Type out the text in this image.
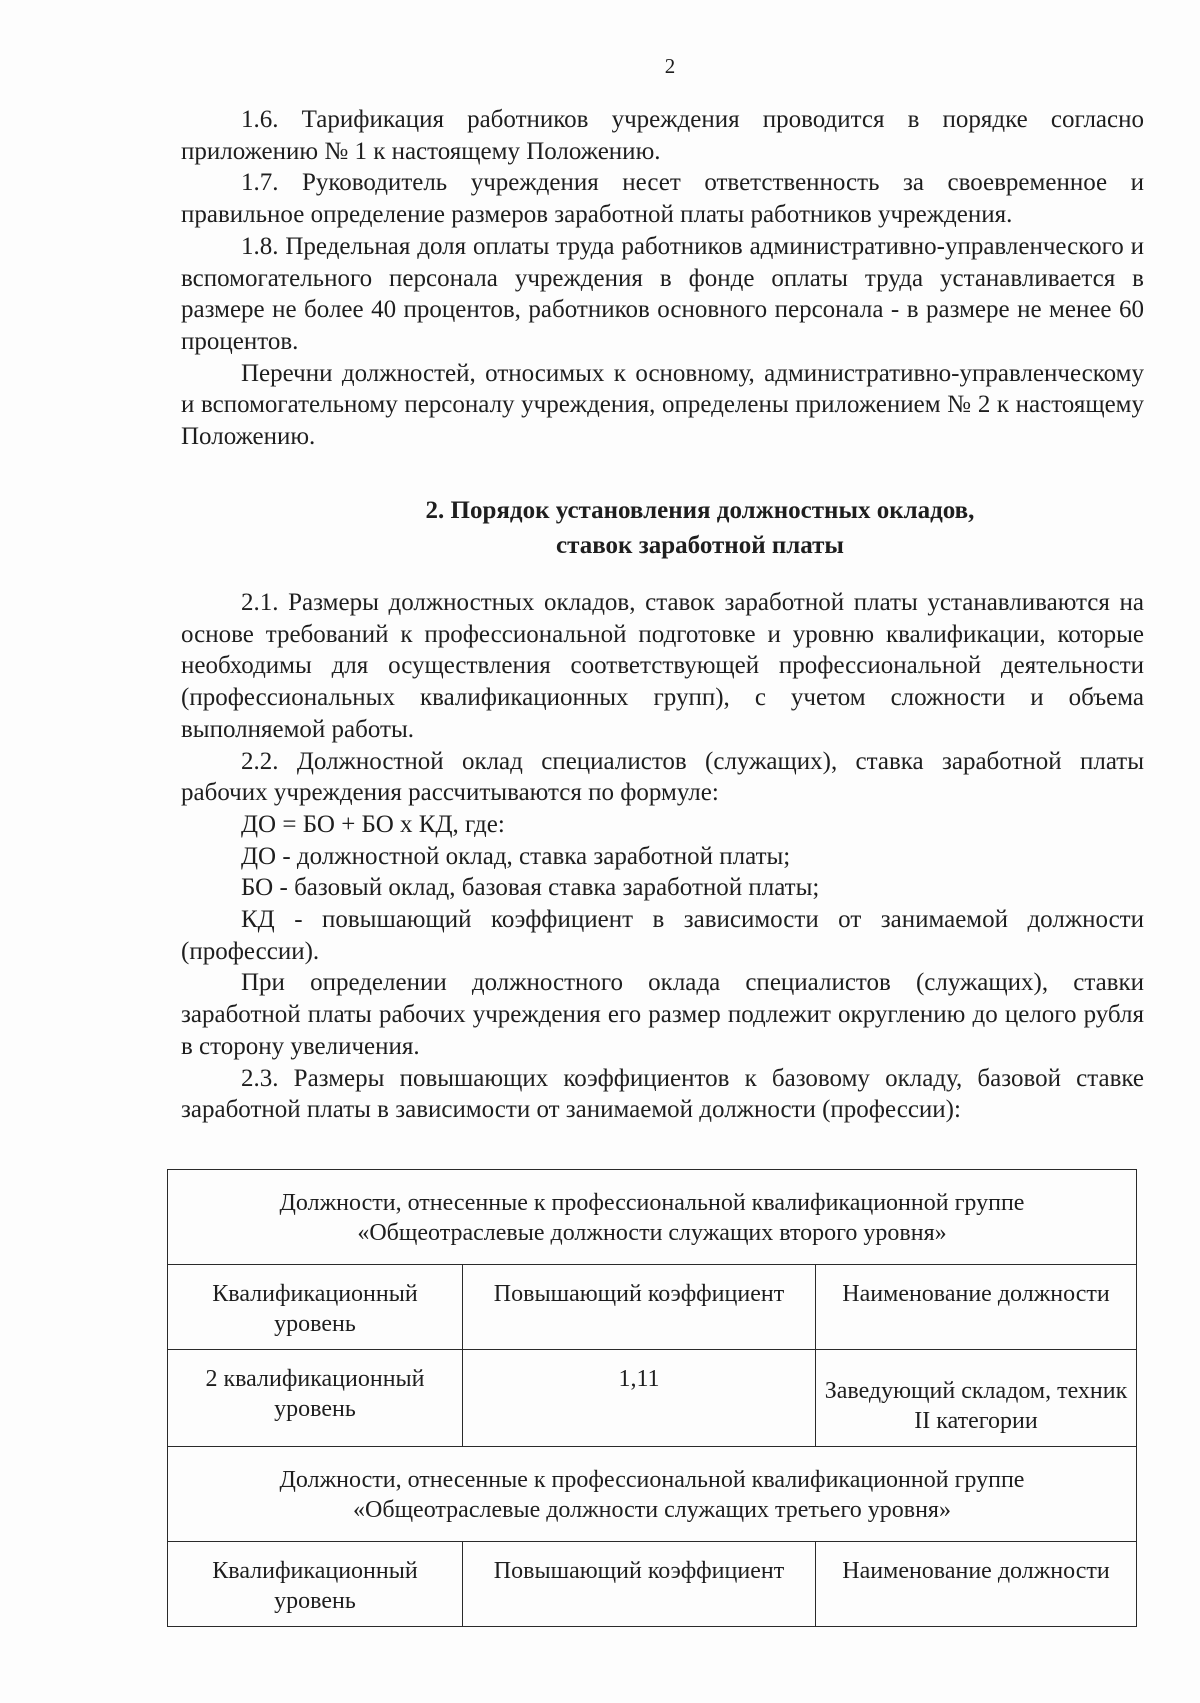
2

1.6. Тарификация работников учреждения проводится в порядке согласно приложению № 1 к настоящему Положению.

1.7. Руководитель учреждения несет ответственность за своевременное и правильное определение размеров заработной платы работников учреждения.

1.8. Предельная доля оплаты труда работников административно-управленческого и вспомогательного персонала учреждения в фонде оплаты труда устанавливается в размере не более 40 процентов, работников основного персонала - в размере не менее 60 процентов.

Перечни должностей, относимых к основному, административно-управленческому и вспомогательному персоналу учреждения, определены приложением № 2 к настоящему Положению.

2. Порядок установления должностных окладов,
ставок заработной платы

2.1. Размеры должностных окладов, ставок заработной платы устанавливаются на основе требований к профессиональной подготовке и уровню квалификации, которые необходимы для осуществления соответствующей профессиональной деятельности (профессиональных квалификационных групп), с учетом сложности и объема выполняемой работы.

2.2. Должностной оклад специалистов (служащих), ставка заработной платы рабочих учреждения рассчитываются по формуле:

ДО = БО + БО х КД, где:

ДО - должностной оклад, ставка заработной платы;

БО - базовый оклад, базовая ставка заработной платы;

КД - повышающий коэффициент в зависимости от занимаемой должности (профессии).

При определении должностного оклада специалистов (служащих), ставки заработной платы рабочих учреждения его размер подлежит округлению до целого рубля в сторону увеличения.

2.3. Размеры повышающих коэффициентов к базовому окладу, базовой ставке заработной платы в зависимости от занимаемой должности (профессии):

Должности, отнесенные к профессиональной квалификационной группе
«Общеотраслевые должности служащих второго уровня»		

Квалификационный уровень	Повышающий коэффициент	Наименование должности
2 квалификационный уровень	1,11	Заведующий складом, техник II категории

Должности, отнесенные к профессиональной квалификационной группе
«Общеотраслевые должности служащих третьего уровня»		

Квалификационный уровень	Повышающий коэффициент	Наименование должности
